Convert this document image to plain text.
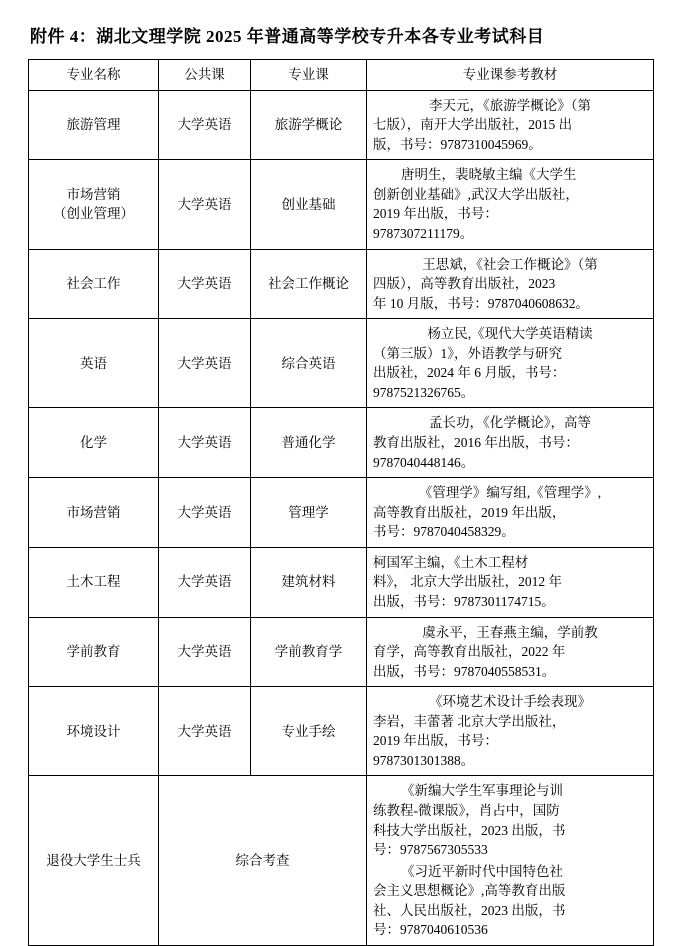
附件 4：湖北文理学院 2025 年普通高等学校专升本各专业考试科目
专业名称	公共课	专业课	专业课参考教材
旅游管理	大学英语	旅游学概论	李天元，《旅游学概论》（第
七版），南开大学出版社，2015 出
版，书号：9787310045969。

市场营销
（创业管理）	大学英语	创业基础	唐明生，裴晓敏主编《大学生
创新创业基础》,武汉大学出版社，
2019 年出版，书号：
9787307211179。

社会工作	大学英语	社会工作概论	王思斌，《社会工作概论》（第
四版），高等教育出版社，2023
年 10 月版，书号：9787040608632。

英语	大学英语	综合英语	杨立民,《现代大学英语精读
（第三版）1》，外语教学与研究
出版社，2024 年 6 月版，书号：
9787521326765。

化学	大学英语	普通化学	孟长功，《化学概论》，高等
教育出版社，2016 年出版，书号：
9787040448146。

市场营销	大学英语	管理学	《管理学》编写组,《管理学》,
高等教育出版社，2019 年出版，
书号：9787040458329。

土木工程	大学英语	建筑材料	柯国军主编，《土木工程材
料》， 北京大学出版社，2012 年
出版，书号：9787301174715。

学前教育	大学英语	学前教育学	虞永平，王春燕主编，学前教
育学，高等教育出版社，2022 年
出版，书号：9787040558531。

环境设计	大学英语	专业手绘	《环境艺术设计手绘表现》
李岩，丰蕾著 北京大学出版社，
2019 年出版，书号：
9787301301388。

退役大学生士兵	综合考查	
《新编大学生军事理论与训
练教程-微课版》，肖占中，国防
科技大学出版社，2023 出版，书
号：9787567305533
《习近平新时代中国特色社
会主义思想概论》,高等教育出版
社、人民出版社，2023 出版，书
号：9787040610536
